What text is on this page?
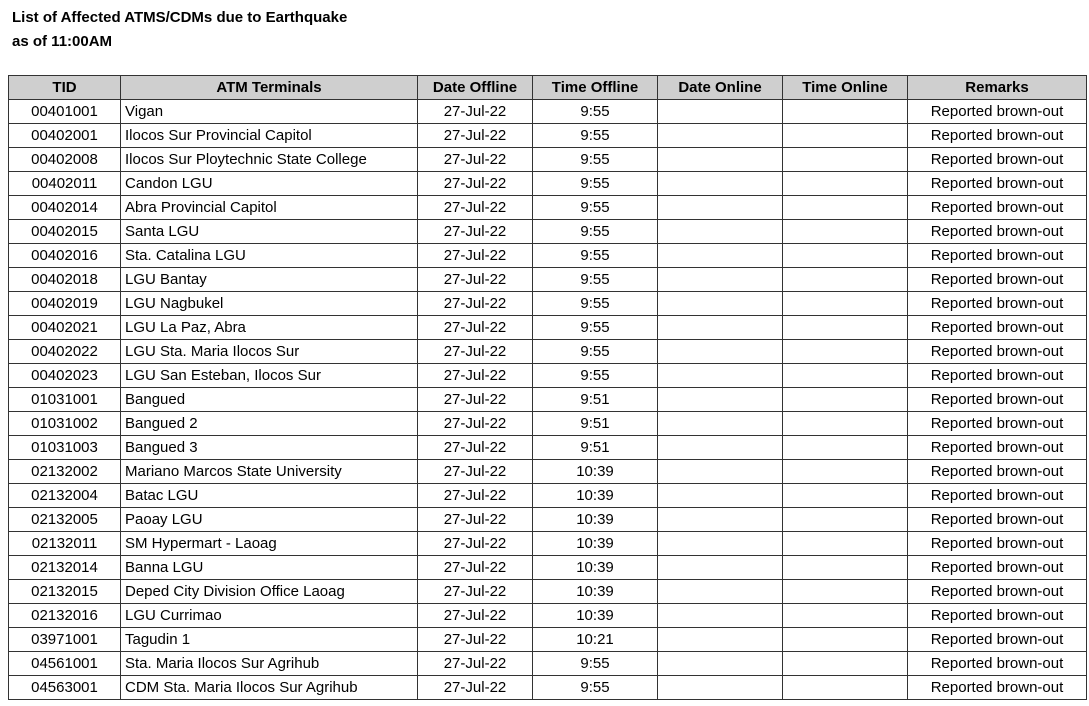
List of Affected ATMS/CDMs due to Earthquake
as of 11:00AM
TID	ATM Terminals	Date Offline	Time Offline	Date Online	Time Online	Remarks
00401001	Vigan	27-Jul-22	9:55			Reported brown-out
00402001	Ilocos Sur Provincial Capitol	27-Jul-22	9:55			Reported brown-out
00402008	Ilocos Sur Ploytechnic State College	27-Jul-22	9:55			Reported brown-out
00402011	Candon LGU	27-Jul-22	9:55			Reported brown-out
00402014	Abra Provincial Capitol	27-Jul-22	9:55			Reported brown-out
00402015	Santa LGU	27-Jul-22	9:55			Reported brown-out
00402016	Sta. Catalina LGU	27-Jul-22	9:55			Reported brown-out
00402018	LGU Bantay	27-Jul-22	9:55			Reported brown-out
00402019	LGU Nagbukel	27-Jul-22	9:55			Reported brown-out
00402021	LGU La Paz, Abra	27-Jul-22	9:55			Reported brown-out
00402022	LGU Sta. Maria Ilocos Sur	27-Jul-22	9:55			Reported brown-out
00402023	LGU San Esteban, Ilocos Sur	27-Jul-22	9:55			Reported brown-out
01031001	Bangued	27-Jul-22	9:51			Reported brown-out
01031002	Bangued 2	27-Jul-22	9:51			Reported brown-out
01031003	Bangued 3	27-Jul-22	9:51			Reported brown-out
02132002	Mariano Marcos State University	27-Jul-22	10:39			Reported brown-out
02132004	Batac LGU	27-Jul-22	10:39			Reported brown-out
02132005	Paoay LGU	27-Jul-22	10:39			Reported brown-out
02132011	SM Hypermart - Laoag	27-Jul-22	10:39			Reported brown-out
02132014	Banna LGU	27-Jul-22	10:39			Reported brown-out
02132015	Deped City Division Office Laoag	27-Jul-22	10:39			Reported brown-out
02132016	LGU Currimao	27-Jul-22	10:39			Reported brown-out
03971001	Tagudin 1	27-Jul-22	10:21			Reported brown-out
04561001	Sta. Maria Ilocos Sur Agrihub	27-Jul-22	9:55			Reported brown-out
04563001	CDM Sta. Maria Ilocos Sur Agrihub	27-Jul-22	9:55			Reported brown-out
